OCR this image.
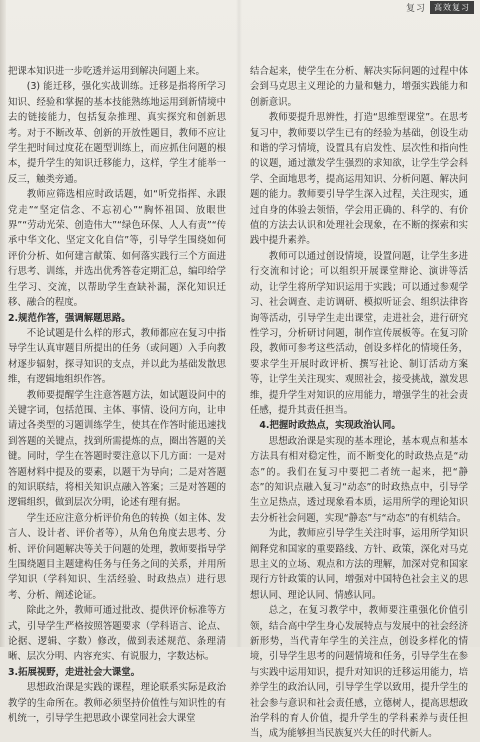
复习	高效复习

把课本知识进一步吃透并运用到解决问题上来。

(3) 能迁移，强化实战训练。迁移是指将所学习知识、经验和掌握的基本技能熟练地运用到新情境中去的链接能力，包括复杂推理、真实探究和创新思考。对于不断改革、创新的开放性题目，教师不应让学生把时间过度花在题型训练上，而应抓住问题的根本，提升学生的知识迁移能力，这样，学生才能举一反三，触类旁通。

教师应筛选相应时政话题，如“听党指挥、永跟党走”“坚定信念、不忘初心”“胸怀祖国、放眼世界”“劳动光荣、创造伟大”“绿色环保、人人有责”“传承中华文化、坚定文化自信”等，引导学生围绕如何评价分析、如何建言献策、如何落实践行三个方面进行思考、训练，并选出优秀答卷定期汇总，编印给学生学习、交流，以帮助学生查缺补漏，深化知识迁移、融合的程度。

2.规范作答，强调解题思路。

不论试题是什么样的形式，教师都应在复习中指导学生认真审题目所提出的任务（或问题）入手向教材逐步辐射，探寻知识的支点，并以此为基础发散思维，有逻辑地组织作答。

教师要提醒学生注意答题方法，如试题设问中的关键字词，包括范围、主体、事情、设问方向，让申请过各类型的习题训练学生，使其在作答时能迅速找到答题的关键点，找到所需提炼的点，圈出答题的关键。同时，学生在答题时要注意以下几方面：一是对答题材料中提及的要素，以题干为导向；二是对答题的知识联结，将相关知识点融入答案；三是对答题的逻辑组织，做到层次分明，论述有理有据。

学生还应注意分析评价角色的转换（如主体、发言人、设计者、评价者等），从角色角度去思考、分析、评价问题解决等关于问题的处理，教师要指导学生围绕题目主题建构任务与任务之间的关系，并用所学知识（学科知识、生活经验、时政热点）进行思考、分析、阐述论证。

除此之外，教师可通过批改、提供评价标准等方式，引导学生严格按照答题要求（学科语言、论点、论据、逻辑、字数）修改，做到表述规范、条理清晰、层次分明、内容充实、有说服力，字数达标。

3.拓展视野，走进社会大课堂。

思想政治课是实践的课程，理论联系实际是政治教学的生命所在。教师必须坚持价值性与知识性的有机统一，引导学生把思政小课堂同社会大课堂

结合起来，使学生在分析、解决实际问题的过程中体会到马克思主义理论的力量和魅力，增强实践能力和创新意识。

教师要提升思辨性，打造“思维型课堂”。在思考复习中，教师要以学生已有的经验为基础，创设生动和谐的学习情境，设置具有启发性、层次性和指向性的议题，通过激发学生强烈的求知欲，让学生学会科学、全面地思考，提高运用知识、分析问题、解决问题的能力。教师要引导学生深入过程，关注现实，通过自身的体验去领悟，学会用正确的、科学的、有价值的方法去认识和处理社会现象，在不断的探索和实践中提升素养。

教师可以通过创设情境，设置问题，让学生多进行交流和讨论；可以组织开展课堂辩论、演讲等活动，让学生将所学知识运用于实践；可以通过参观学习、社会调查、走访调研、模拟听证会、组织法律咨询等活动，引导学生走出课堂，走进社会，进行研究性学习，分析研讨问题，制作宣传展板等。在复习阶段，教师可参考这些活动，创设多样化的情境任务，要求学生开展时政评析、撰写社论、制订活动方案等，让学生关注现实、观照社会，接受挑战，激发思维，提升学生对知识的应用能力，增强学生的社会责任感，提升其责任担当。

4.把握时政热点，实现政治认同。

思想政治课是实现的基本理论，基本观点和基本方法具有相对稳定性，而不断变化的时政热点是“动态”的。我们在复习中要把二者统一起来，把“静态”的知识点融入复习“动态”的时政热点中，引导学生立足热点，透过现象看本质，运用所学的理论知识去分析社会问题，实现“静态”与“动态”的有机结合。

为此，教师应引导学生关注时事，运用所学知识阐释党和国家的重要路线、方针、政策，深化对马克思主义的立场、观点和方法的理解，加深对党和国家现行方针政策的认同，增强对中国特色社会主义的思想认同、理论认同、情感认同。

总之，在复习教学中，教师要注重强化价值引领，结合高中学生身心发展特点与发展中的社会经济新形势，当代青年学生的关注点，创设多样化的情境，引导学生思考的问题情境和任务，引导学生在参与实践中运用知识，提升对知识的迁移运用能力，培养学生的政治认同，引导学生学以致用，提升学生的社会参与意识和社会责任感，立德树人，提高思想政治学科的育人价值，提升学生的学科素养与责任担当，成为能够担当民族复兴大任的时代新人。
